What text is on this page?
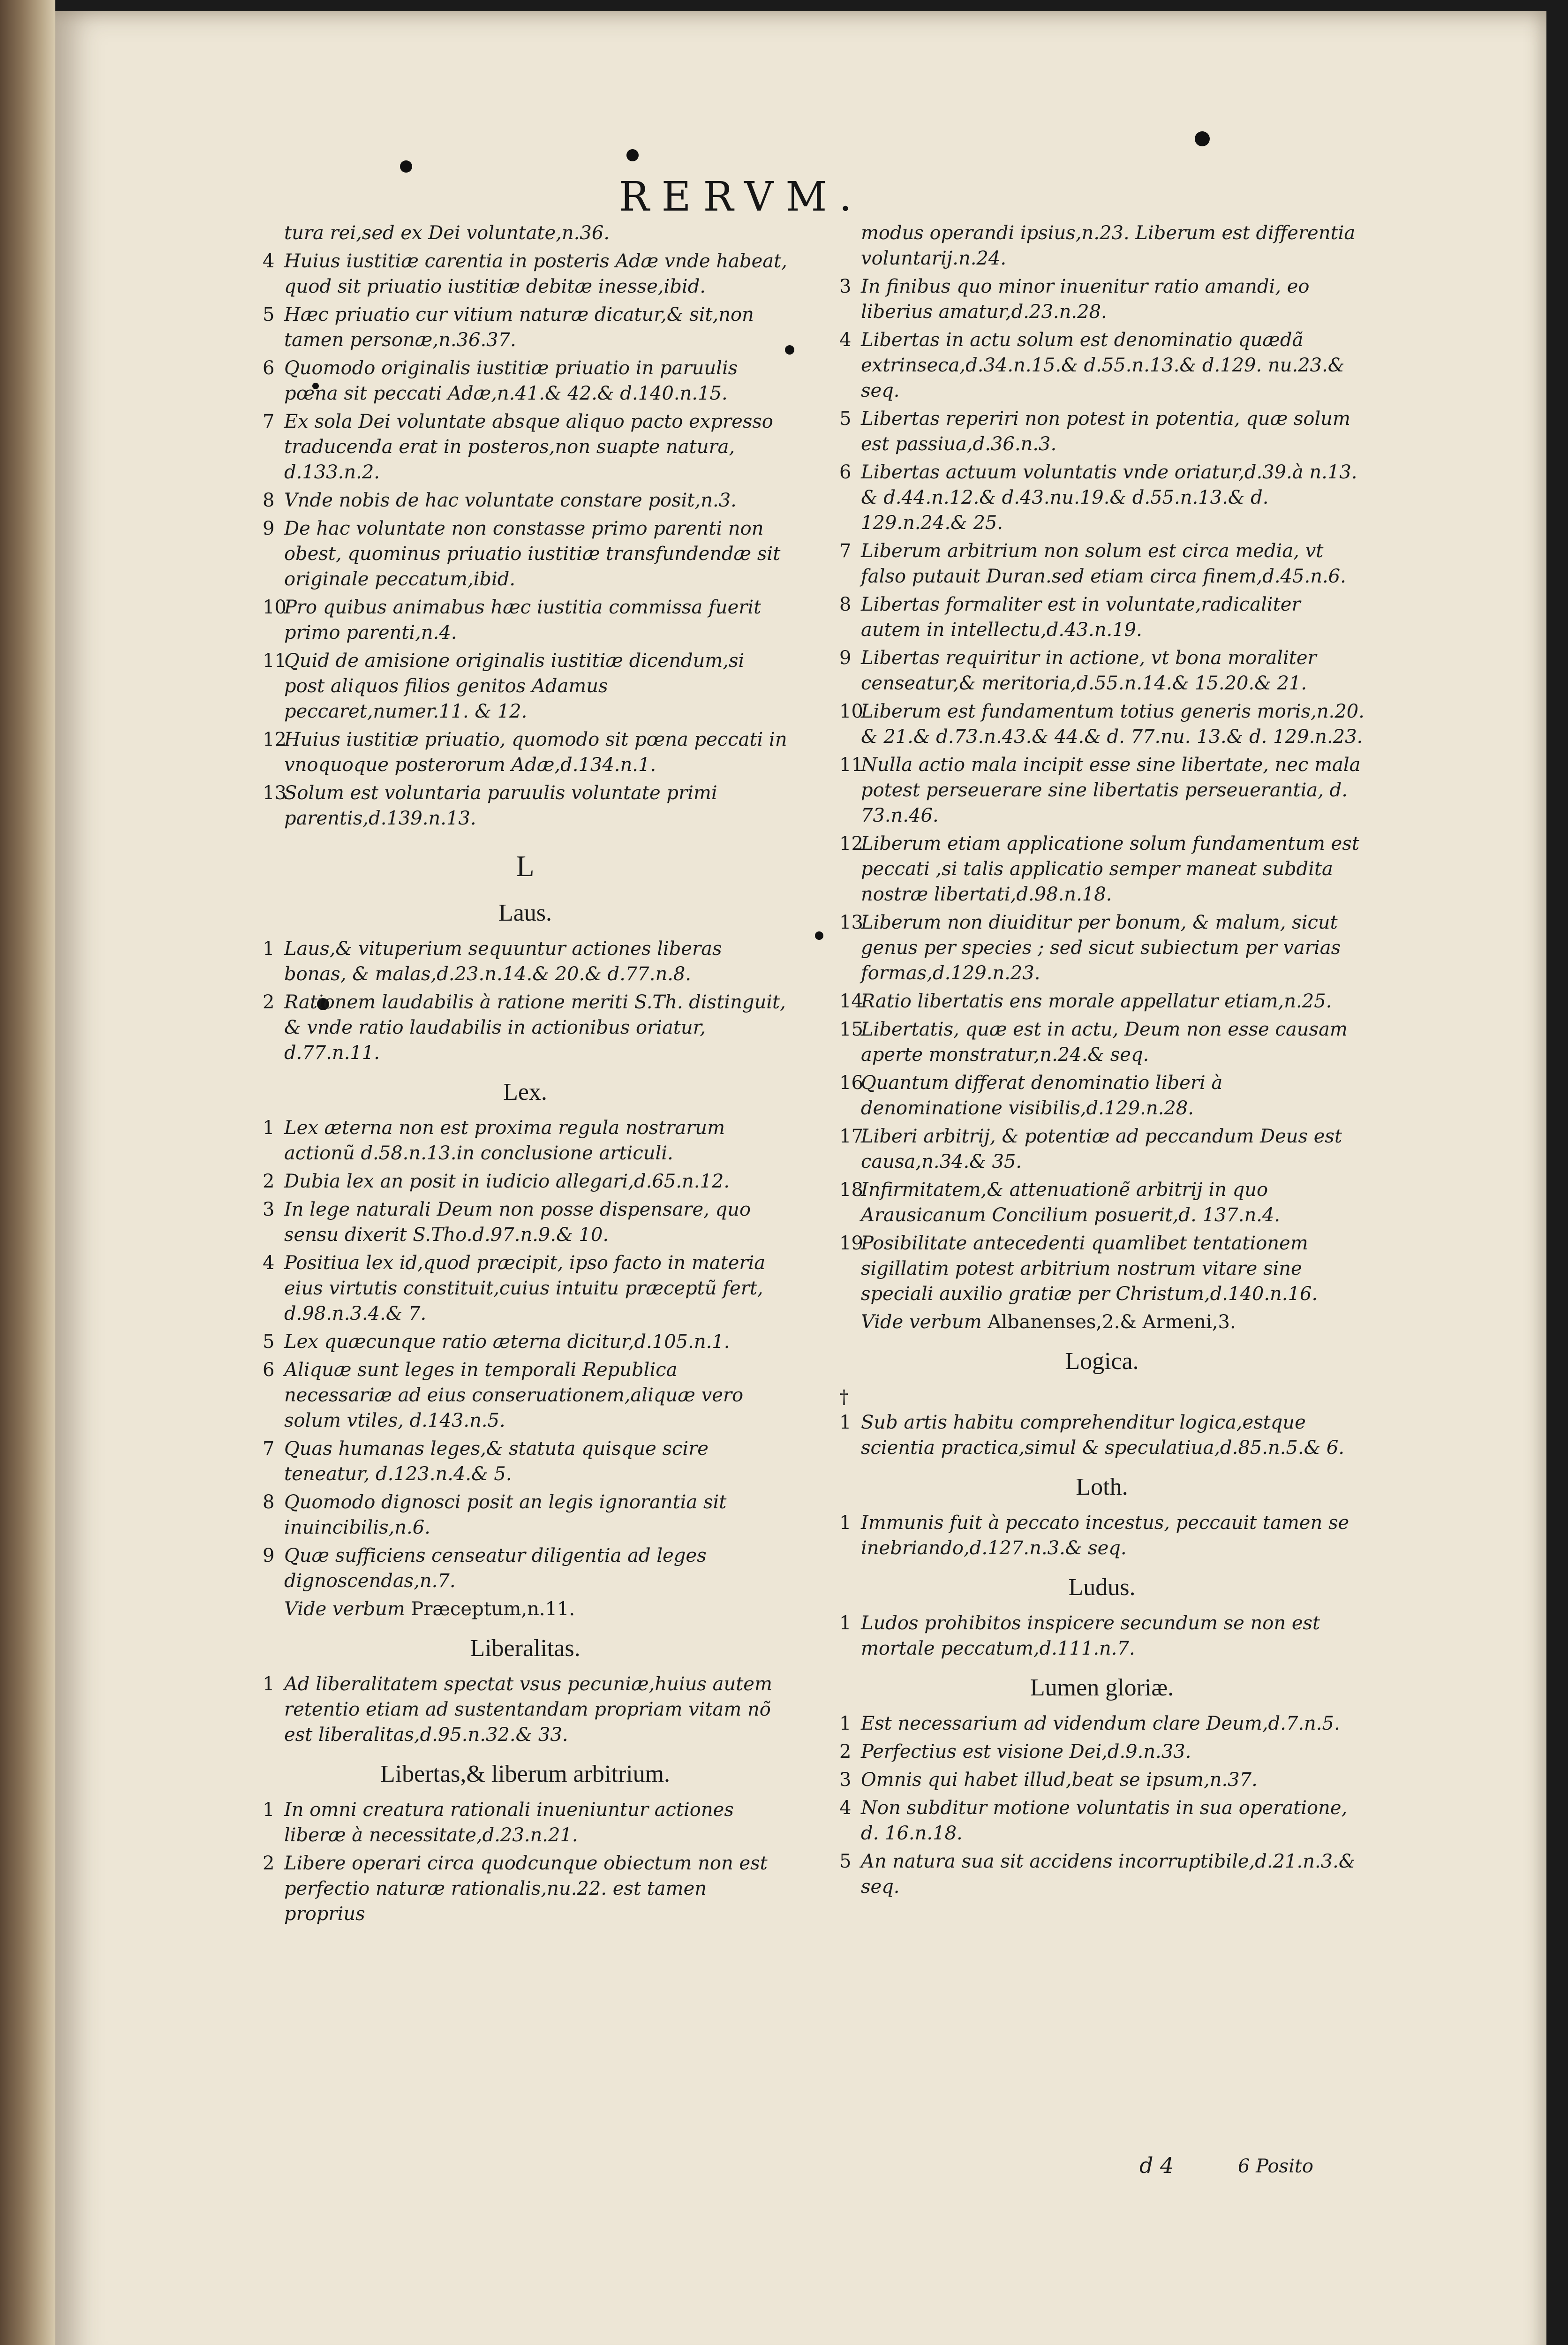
RERVM.
tura rei,sed ex Dei voluntate,n.36.
4 Huius iustitiæ carentia in posteris Adæ vnde habeat, quod sit priuatio iustitiæ debitæ inesse,ibid.
5 Hæc priuatio cur vitium naturæ dicatur,& sit,non tamen personæ,n.36.37.
6 Quomodo originalis iustitiæ priuatio in paruulis pœna sit peccati Adæ,n.41.& 42.& d.140.n.15.
7 Ex sola Dei voluntate absque aliquo pacto expresso traducenda erat in posteros,non suapte natura, d.133.n.2.
8 Vnde nobis de hac voluntate constare posit,n.3.
9 De hac voluntate non constasse primo parenti non obest, quominus priuatio iustitiæ transfundendæ sit originale peccatum,ibid.
10Pro quibus animabus hæc iustitia commissa fuerit primo parenti,n.4.
11Quid de amisione originalis iustitiæ dicendum,si post aliquos filios genitos Adamus peccaret,numer.11. & 12.
12Huius iustitiæ priuatio, quomodo sit pœna peccati in vnoquoque posterorum Adæ,d.134.n.1.
13Solum est voluntaria paruulis voluntate primi parentis,d.139.n.13.
L
Laus.
1 Laus,& vituperium sequuntur actiones liberas bonas, & malas,d.23.n.14.& 20.& d.77.n.8.
2 Rationem laudabilis à ratione meriti S.Th. distinguit, & vnde ratio laudabilis in actionibus oriatur, d.77.n.11.
Lex.
1 Lex æterna non est proxima regula nostrarum actionũ d.58.n.13.in conclusione articuli.
2 Dubia lex an posit in iudicio allegari,d.65.n.12.
3 In lege naturali Deum non posse dispensare, quo sensu dixerit S.Tho.d.97.n.9.& 10.
4 Positiua lex id,quod præcipit, ipso facto in materia eius virtutis constituit,cuius intuitu præceptũ fert, d.98.n.3.4.& 7.
5 Lex quæcunque ratio æterna dicitur,d.105.n.1.
6 Aliquæ sunt leges in temporali Republica necessariæ ad eius conseruationem,aliquæ vero solum vtiles, d.143.n.5.
7 Quas humanas leges,& statuta quisque scire teneatur, d.123.n.4.& 5.
8 Quomodo dignosci posit an legis ignorantia sit inuincibilis,n.6.
9 Quæ sufficiens censeatur diligentia ad leges dignoscendas,n.7.
Vide verbum Præceptum,n.11.
Liberalitas.
1 Ad liberalitatem spectat vsus pecuniæ,huius autem retentio etiam ad sustentandam propriam vitam nõ est liberalitas,d.95.n.32.& 33.
Libertas,& liberum arbitrium.
1 In omni creatura rationali inueniuntur actiones liberæ à necessitate,d.23.n.21.
2 Libere operari circa quodcunque obiectum non est perfectio naturæ rationalis,nu.22. est tamen proprius
modus operandi ipsius,n.23. Liberum est differentia voluntarij.n.24.
3 In finibus quo minor inuenitur ratio amandi, eo liberius amatur,d.23.n.28.
4 Libertas in actu solum est denominatio quædã extrinseca,d.34.n.15.& d.55.n.13.& d.129. nu.23.& seq.
5 Libertas reperiri non potest in potentia, quæ solum est passiua,d.36.n.3.
6 Libertas actuum voluntatis vnde oriatur,d.39.à n.13. & d.44.n.12.& d.43.nu.19.& d.55.n.13.& d. 129.n.24.& 25.
7 Liberum arbitrium non solum est circa media, vt falso putauit Duran.sed etiam circa finem,d.45.n.6.
8 Libertas formaliter est in voluntate,radicaliter autem in intellectu,d.43.n.19.
9 Libertas requiritur in actione, vt bona moraliter censeatur,& meritoria,d.55.n.14.& 15.20.& 21.
10Liberum est fundamentum totius generis moris,n.20. & 21.& d.73.n.43.& 44.& d. 77.nu. 13.& d. 129.n.23.
11Nulla actio mala incipit esse sine libertate, nec mala potest perseuerare sine libertatis perseuerantia, d. 73.n.46.
12Liberum etiam applicatione solum fundamentum est peccati ,si talis applicatio semper maneat subdita nostræ libertati,d.98.n.18.
13Liberum non diuiditur per bonum, & malum, sicut genus per species ; sed sicut subiectum per varias formas,d.129.n.23.
14Ratio libertatis ens morale appellatur etiam,n.25.
15Libertatis, quæ est in actu, Deum non esse causam aperte monstratur,n.24.& seq.
16Quantum differat denominatio liberi à denominatione visibilis,d.129.n.28.
17Liberi arbitrij, & potentiæ ad peccandum Deus est causa,n.34.& 35.
18Infirmitatem,& attenuationẽ arbitrij in quo Arausicanum Concilium posuerit,d. 137.n.4.
19Posibilitate antecedenti quamlibet tentationem sigillatim potest arbitrium nostrum vitare sine speciali auxilio gratiæ per Christum,d.140.n.16.
Vide verbum Albanenses,2.& Armeni,3.
Logica.
† 1 Sub artis habitu comprehenditur logica,estque scientia practica,simul & speculatiua,d.85.n.5.& 6.
Loth.
1 Immunis fuit à peccato incestus, peccauit tamen se inebriando,d.127.n.3.& seq.
Ludus.
1 Ludos prohibitos inspicere secundum se non est mortale peccatum,d.111.n.7.
Lumen gloriæ.
1 Est necessarium ad videndum clare Deum,d.7.n.5.
2 Perfectius est visione Dei,d.9.n.33.
3 Omnis qui habet illud,beat se ipsum,n.37.
4 Non subditur motione voluntatis in sua operatione, d. 16.n.18.
5 An natura sua sit accidens incorruptibile,d.21.n.3.& seq.
d 4	6 Posito
